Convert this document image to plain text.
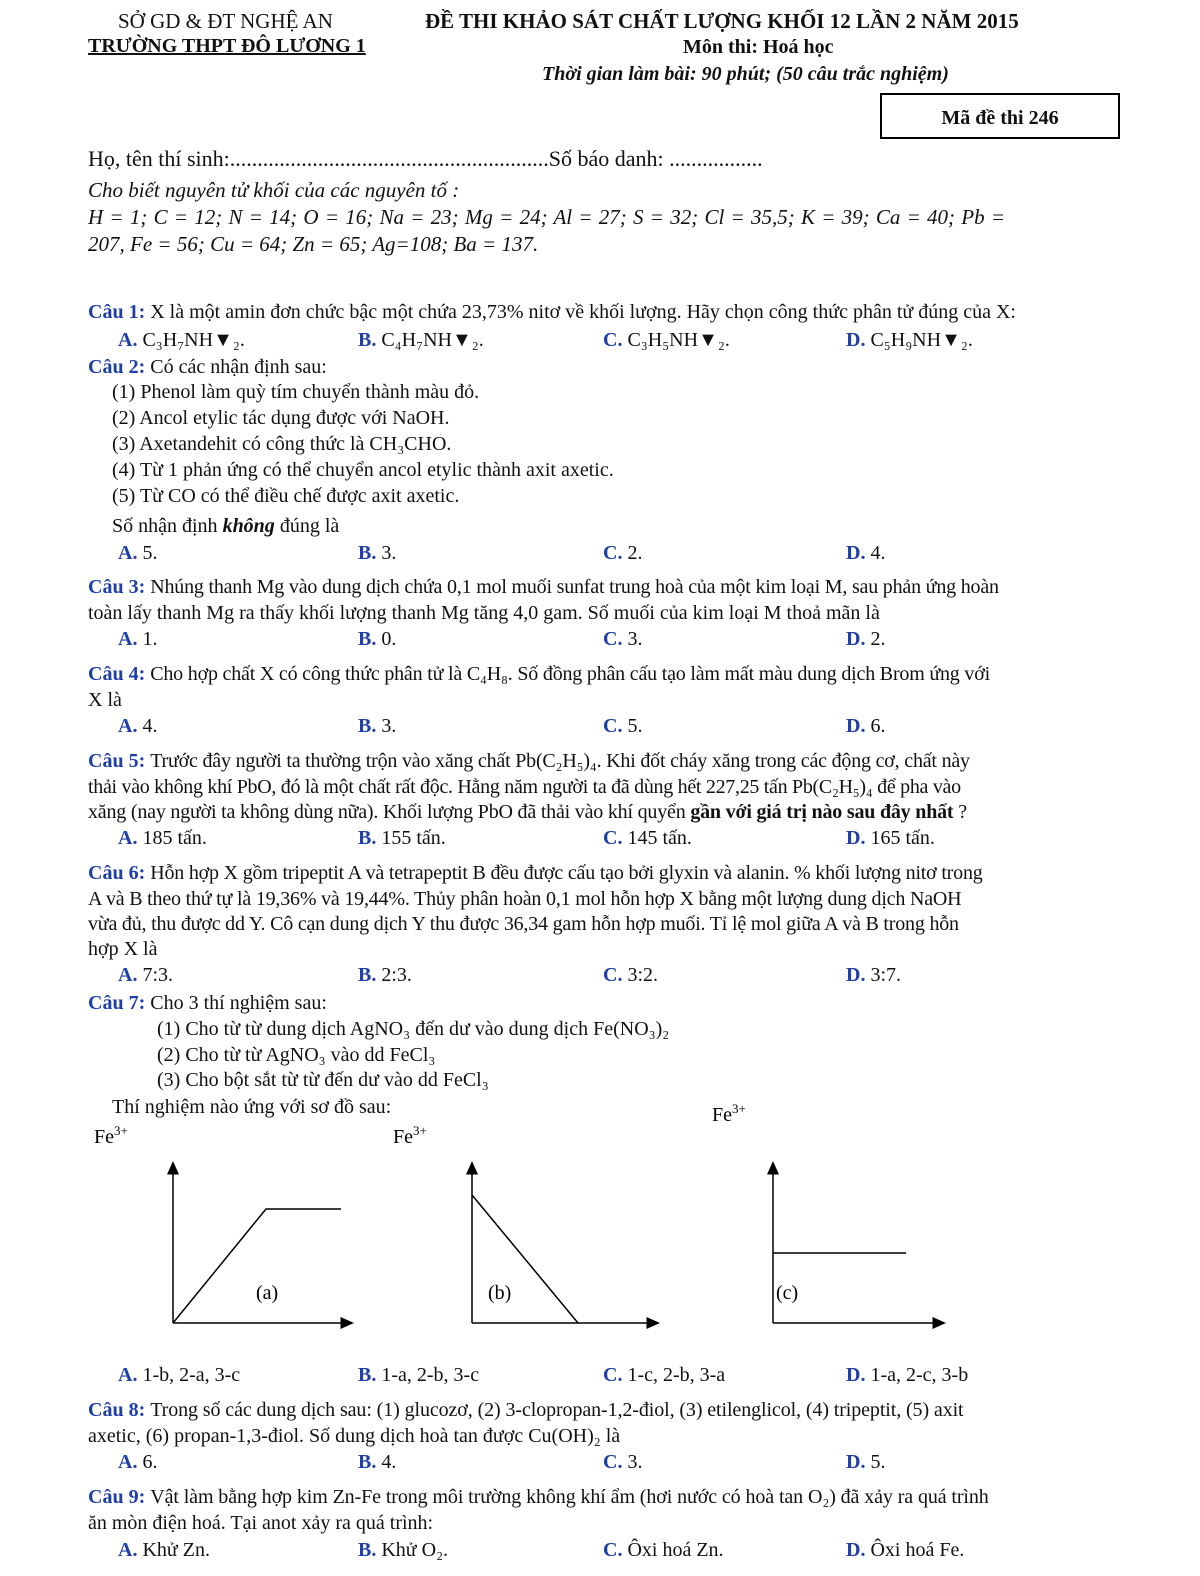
SỞ GD & ĐT NGHỆ AN
TRƯỜNG THPT ĐÔ LƯƠNG 1
ĐỀ THI KHẢO SÁT CHẤT LƯỢNG KHỐI 12 LẦN 2 NĂM 2015
Môn thi: Hoá học
Thời gian làm bài: 90 phút; (50 câu trắc nghiệm)
Mã đề thi 246
Họ, tên thí sinh:..........................................................Số báo danh: .................
Cho biết nguyên tử khối của các nguyên tố :
H = 1; C = 12; N = 14; O = 16; Na = 23; Mg = 24; Al = 27; S = 32; Cl = 35,5; K = 39; Ca = 40; Pb =
207, Fe = 56; Cu = 64; Zn = 65; Ag=108; Ba = 137.
Câu 1: X là một amin đơn chức bậc một chứa 23,73% nitơ về khối lượng. Hãy chọn công thức phân tử đúng của X:
A. C₃H₇NH▼₂.	B. C₄H₇NH▼₂.	C. C₃H₅NH▼₂.	D. C₅H₉NH▼₂.
Câu 2: Có các nhận định sau:
(1) Phenol làm quỳ tím chuyển thành màu đỏ.
(2) Ancol etylic tác dụng được với NaOH.
(3) Axetandehit có công thức là CH₃CHO.
(4) Từ 1 phản ứng có thể chuyển ancol etylic thành axit axetic.
(5) Từ CO có thể điều chế được axit axetic.
Số nhận định không đúng là
A. 5.	B. 3.	C. 2.	D. 4.
Câu 3: Nhúng thanh Mg vào dung dịch chứa 0,1 mol muối sunfat trung hoà của một kim loại M, sau phản ứng hoàn
toàn lấy thanh Mg ra thấy khối lượng thanh Mg tăng 4,0 gam. Số muối của kim loại M thoả mãn là
A. 1.	B. 0.	C. 3.	D. 2.
Câu 4: Cho hợp chất X có công thức phân tử là C₄H₈. Số đồng phân cấu tạo làm mất màu dung dịch Brom ứng với
X là
A. 4.	B. 3.	C. 5.	D. 6.
Câu 5: Trước đây người ta thường trộn vào xăng chất Pb(C₂H₅)₄. Khi đốt cháy xăng trong các động cơ, chất này
thải vào không khí PbO, đó là một chất rất độc. Hằng năm người ta đã dùng hết 227,25 tấn Pb(C₂H₅)₄ để pha vào
xăng (nay người ta không dùng nữa). Khối lượng PbO đã thải vào khí quyển gần với giá trị nào sau đây nhất ?
A. 185 tấn.	B. 155 tấn.	C. 145 tấn.	D. 165 tấn.
Câu 6: Hỗn hợp X gồm tripeptit A và tetrapeptit B đều được cấu tạo bởi glyxin và alanin. % khối lượng nitơ trong
A và B theo thứ tự là 19,36% và 19,44%. Thủy phân hoàn 0,1 mol hỗn hợp X bằng một lượng dung dịch NaOH
vừa đủ, thu được dd Y. Cô cạn dung dịch Y thu được 36,34 gam hỗn hợp muối. Tỉ lệ mol giữa A và B trong hỗn
hợp X là
A. 7:3.	B. 2:3.	C. 3:2.	D. 3:7.
Câu 7: Cho 3 thí nghiệm sau:
(1) Cho từ từ dung dịch AgNO₃ đến dư vào dung dịch Fe(NO₃)₂
(2) Cho từ từ AgNO₃ vào dd FeCl₃
(3) Cho bột sắt từ từ đến dư vào dd FeCl₃
Thí nghiệm nào ứng với sơ đồ sau:
$Fe^{3+}$
(a)
$Fe^{3+}$
(b)
$Fe^{3+}$
(c)
A. 1-b, 2-a, 3-c	B. 1-a, 2-b, 3-c	C. 1-c, 2-b, 3-a	D. 1-a, 2-c, 3-b
Câu 8: Trong số các dung dịch sau: (1) glucozơ, (2) 3-clopropan-1,2-điol, (3) etilenglicol, (4) tripeptit, (5) axit
axetic, (6) propan-1,3-điol. Số dung dịch hoà tan được Cu(OH)₂ là
A. 6.	B. 4.	C. 3.	D. 5.
Câu 9: Vật làm bằng hợp kim Zn-Fe trong môi trường không khí ẩm (hơi nước có hoà tan O₂) đã xảy ra quá trình
ăn mòn điện hoá. Tại anot xảy ra quá trình:
A. Khử Zn.	B. Khử O₂.	C. Ôxi hoá Zn.	D. Ôxi hoá Fe.
